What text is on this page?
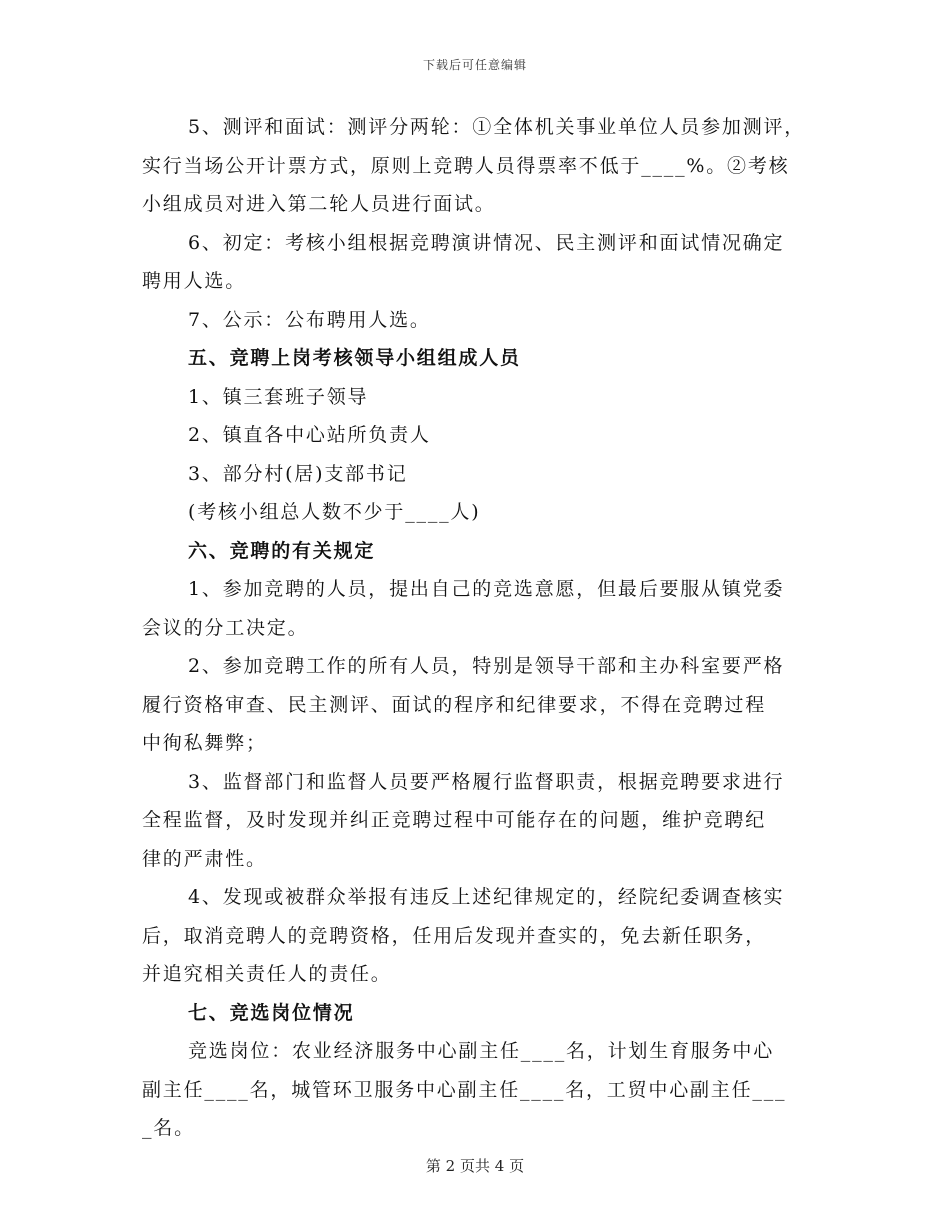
下载后可任意编辑
5、测评和面试：测评分两轮：①全体机关事业单位人员参加测评，
实行当场公开计票方式，原则上竞聘人员得票率不低于____%。②考核
小组成员对进入第二轮人员进行面试。
6、初定：考核小组根据竞聘演讲情况、民主测评和面试情况确定
聘用人选。
7、公示：公布聘用人选。
五、竞聘上岗考核领导小组组成人员
1、镇三套班子领导
2、镇直各中心站所负责人
3、部分村(居)支部书记
(考核小组总人数不少于____人)
六、竞聘的有关规定
1、参加竞聘的人员，提出自己的竞选意愿，但最后要服从镇党委
会议的分工决定。
2、参加竞聘工作的所有人员，特别是领导干部和主办科室要严格
履行资格审查、民主测评、面试的程序和纪律要求，不得在竞聘过程
中徇私舞弊；
3、监督部门和监督人员要严格履行监督职责，根据竞聘要求进行
全程监督，及时发现并纠正竞聘过程中可能存在的问题，维护竞聘纪
律的严肃性。
4、发现或被群众举报有违反上述纪律规定的，经院纪委调查核实
后，取消竞聘人的竞聘资格，任用后发现并查实的，免去新任职务，
并追究相关责任人的责任。
七、竞选岗位情况
竞选岗位：农业经济服务中心副主任____名，计划生育服务中心
副主任____名，城管环卫服务中心副主任____名，工贸中心副主任___
_名。
第 2 页共 4 页
